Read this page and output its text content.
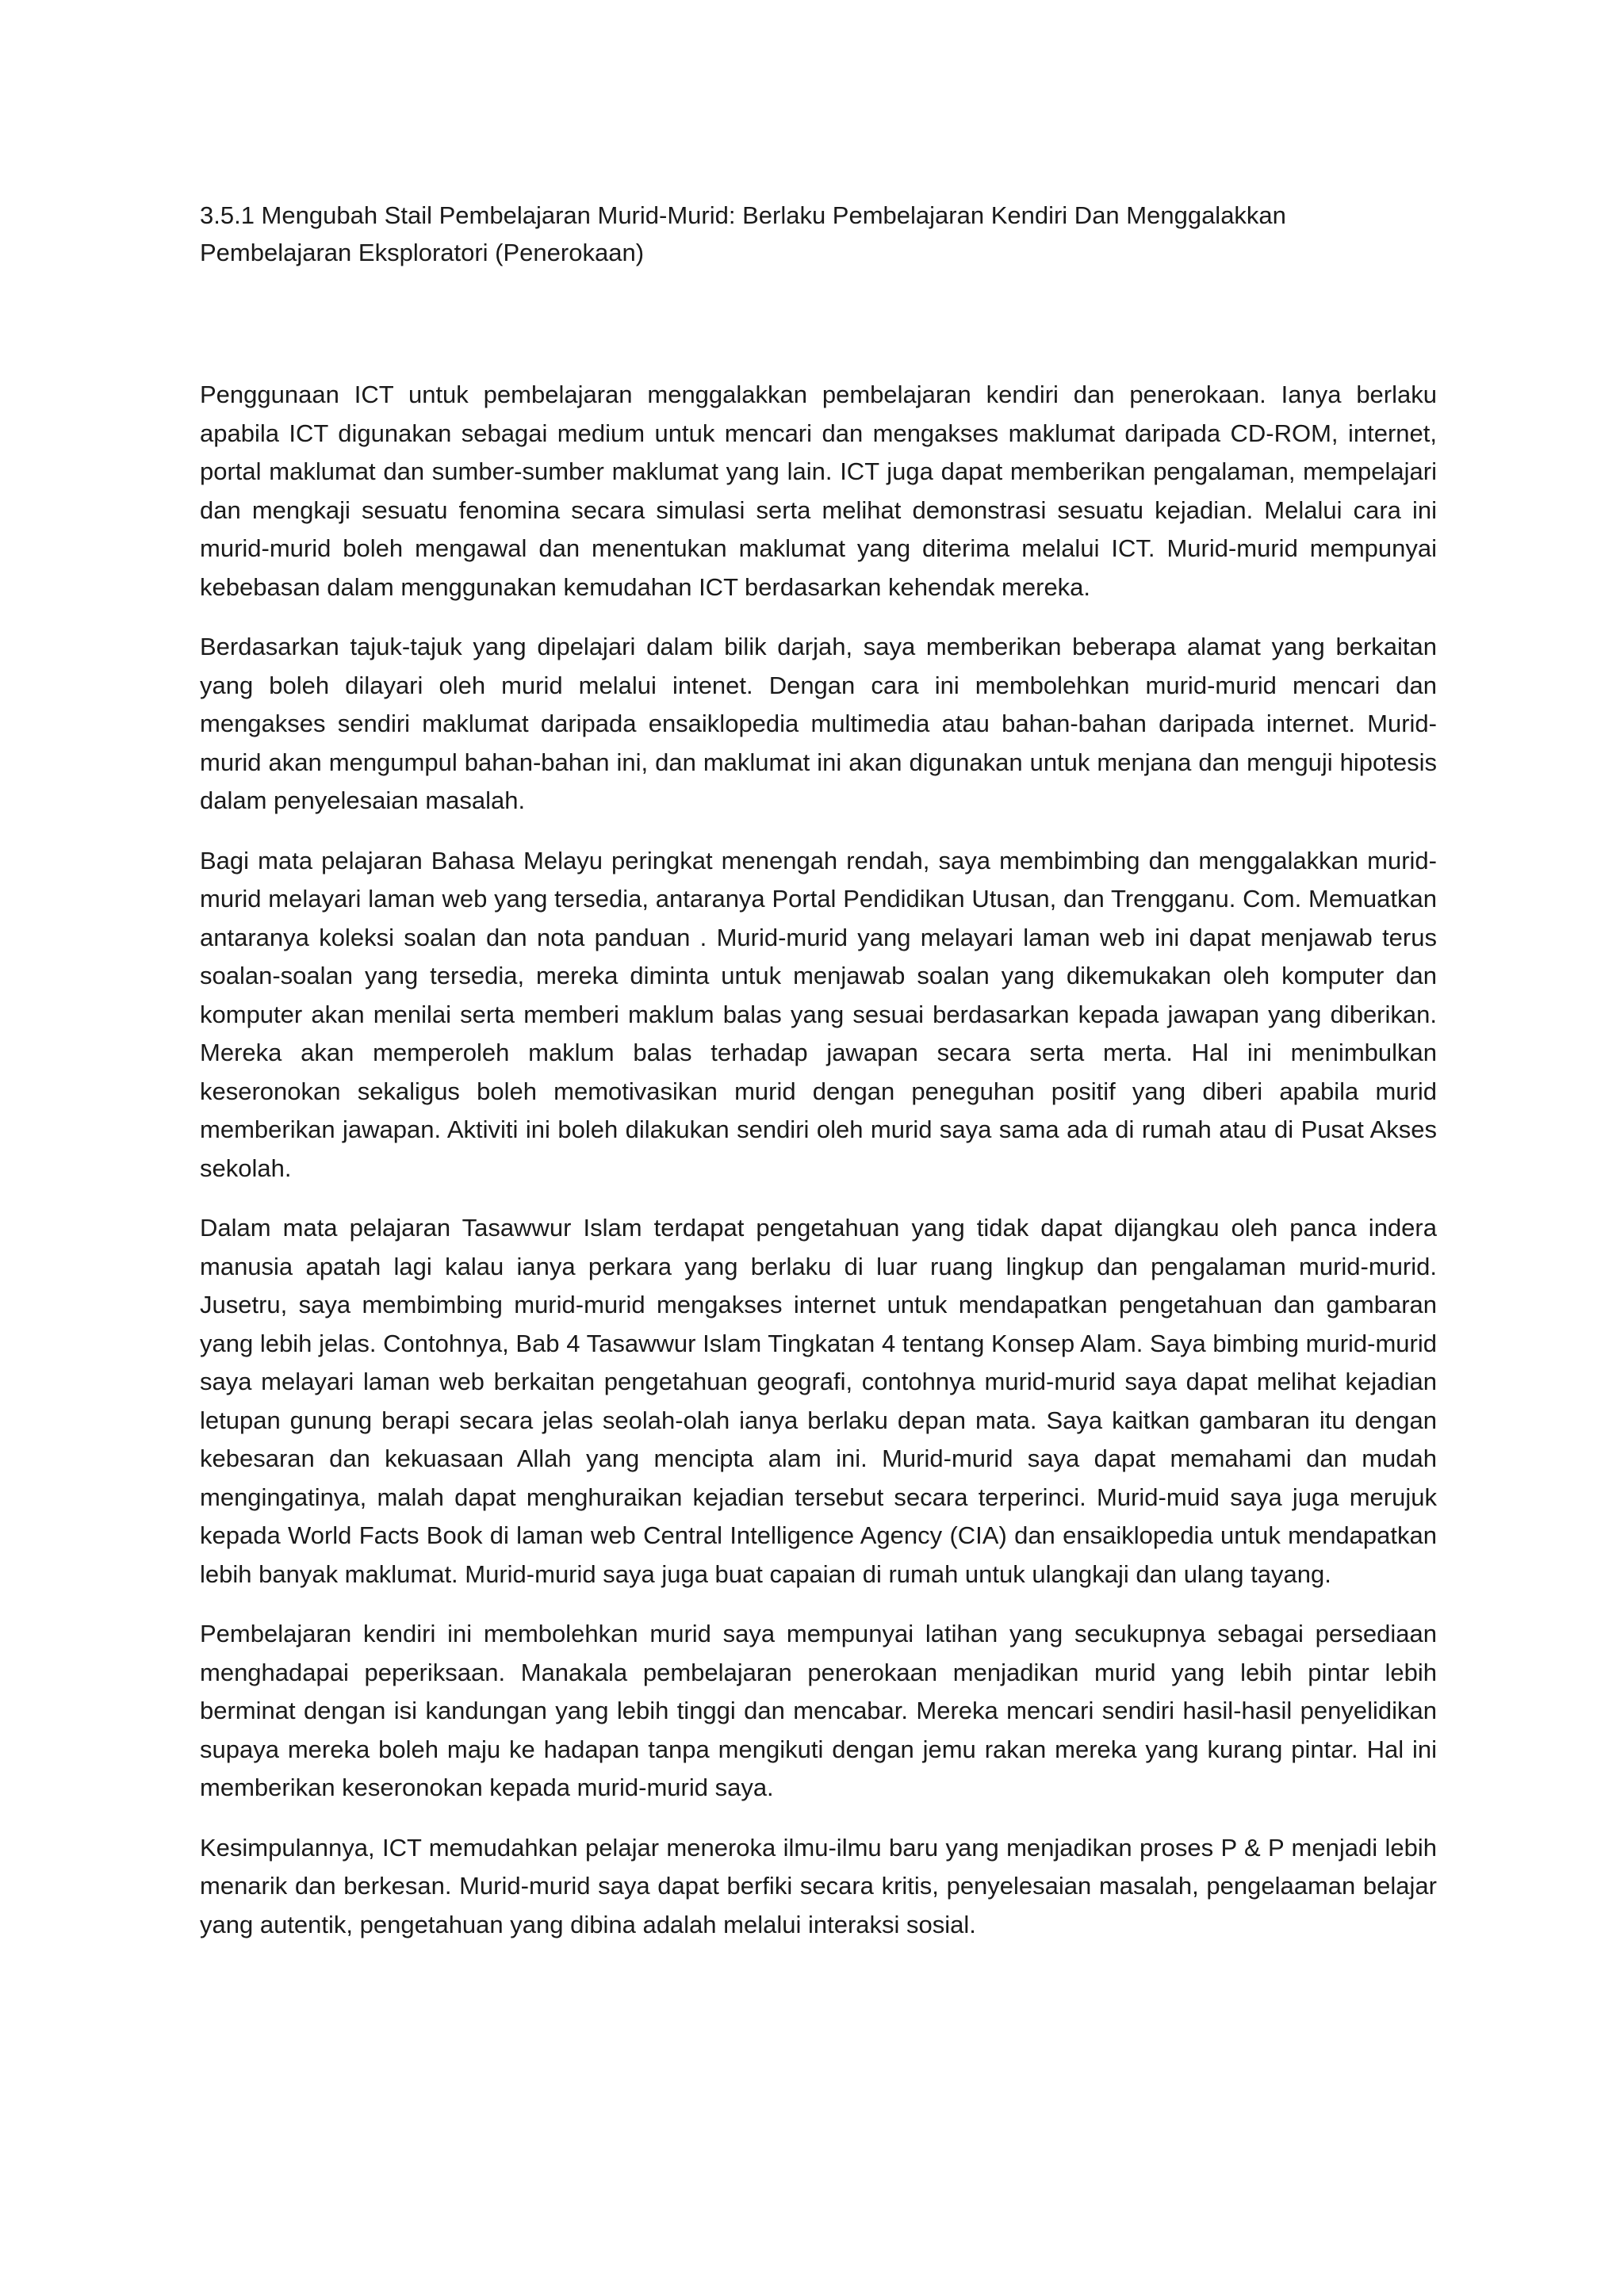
3.5.1 Mengubah Stail Pembelajaran Murid-Murid: Berlaku Pembelajaran Kendiri Dan Menggalakkan Pembelajaran Eksploratori (Penerokaan)

Penggunaan ICT untuk pembelajaran menggalakkan pembelajaran kendiri dan penerokaan. Ianya berlaku apabila ICT digunakan sebagai medium untuk mencari dan mengakses maklumat daripada CD-ROM, internet, portal maklumat dan sumber-sumber maklumat yang lain. ICT juga dapat memberikan pengalaman, mempelajari dan mengkaji sesuatu fenomina secara simulasi serta melihat demonstrasi sesuatu kejadian. Melalui cara ini murid-murid boleh mengawal dan menentukan maklumat yang diterima melalui ICT. Murid-murid mempunyai kebebasan dalam menggunakan kemudahan ICT berdasarkan kehendak mereka.

Berdasarkan tajuk-tajuk yang dipelajari dalam bilik darjah, saya memberikan beberapa alamat yang berkaitan yang boleh dilayari oleh murid melalui intenet. Dengan cara ini membolehkan murid-murid mencari dan mengakses sendiri maklumat daripada ensaiklopedia multimedia atau bahan-bahan daripada internet. Murid-murid akan mengumpul bahan-bahan ini, dan maklumat ini akan digunakan untuk menjana dan menguji hipotesis dalam penyelesaian masalah.

Bagi mata pelajaran Bahasa Melayu peringkat menengah rendah, saya membimbing dan menggalakkan murid-murid melayari laman web yang tersedia, antaranya Portal Pendidikan Utusan, dan Trengganu. Com. Memuatkan antaranya koleksi soalan dan nota panduan . Murid-murid yang melayari laman web ini dapat menjawab terus soalan-soalan yang tersedia, mereka diminta untuk menjawab soalan yang dikemukakan oleh komputer dan komputer akan menilai serta memberi maklum balas yang sesuai berdasarkan kepada jawapan yang diberikan. Mereka akan memperoleh maklum balas terhadap jawapan secara serta merta. Hal ini menimbulkan keseronokan sekaligus boleh memotivasikan murid dengan peneguhan positif yang diberi apabila murid memberikan jawapan. Aktiviti ini boleh dilakukan sendiri oleh murid saya sama ada di rumah atau di Pusat Akses sekolah.

Dalam mata pelajaran Tasawwur Islam terdapat pengetahuan yang tidak dapat dijangkau oleh panca indera manusia apatah lagi kalau ianya perkara yang berlaku di luar ruang lingkup dan pengalaman murid-murid. Jusetru, saya membimbing murid-murid mengakses internet untuk mendapatkan pengetahuan dan gambaran yang lebih jelas. Contohnya, Bab 4 Tasawwur Islam Tingkatan 4 tentang Konsep Alam. Saya bimbing murid-murid saya melayari laman web berkaitan pengetahuan geografi, contohnya murid-murid saya dapat melihat kejadian letupan gunung berapi secara jelas seolah-olah ianya berlaku depan mata. Saya kaitkan gambaran itu dengan kebesaran dan kekuasaan Allah yang mencipta alam ini. Murid-murid saya dapat memahami dan mudah mengingatinya, malah dapat menghuraikan kejadian tersebut secara terperinci. Murid-muid saya juga merujuk kepada World Facts Book di laman web Central Intelligence Agency (CIA) dan ensaiklopedia untuk mendapatkan lebih banyak maklumat. Murid-murid saya juga buat capaian di rumah untuk ulangkaji dan ulang tayang.

Pembelajaran kendiri ini membolehkan murid saya mempunyai latihan yang secukupnya sebagai persediaan menghadapai peperiksaan. Manakala pembelajaran penerokaan menjadikan murid yang lebih pintar lebih berminat dengan isi kandungan yang lebih tinggi dan mencabar. Mereka mencari sendiri hasil-hasil penyelidikan supaya mereka boleh maju ke hadapan tanpa mengikuti dengan jemu rakan mereka yang kurang pintar. Hal ini memberikan keseronokan kepada murid-murid saya.

Kesimpulannya, ICT memudahkan pelajar meneroka ilmu-ilmu baru yang menjadikan proses P & P menjadi lebih menarik dan berkesan. Murid-murid saya dapat berfiki secara kritis, penyelesaian masalah, pengelaaman belajar yang autentik, pengetahuan yang dibina adalah melalui interaksi sosial.
